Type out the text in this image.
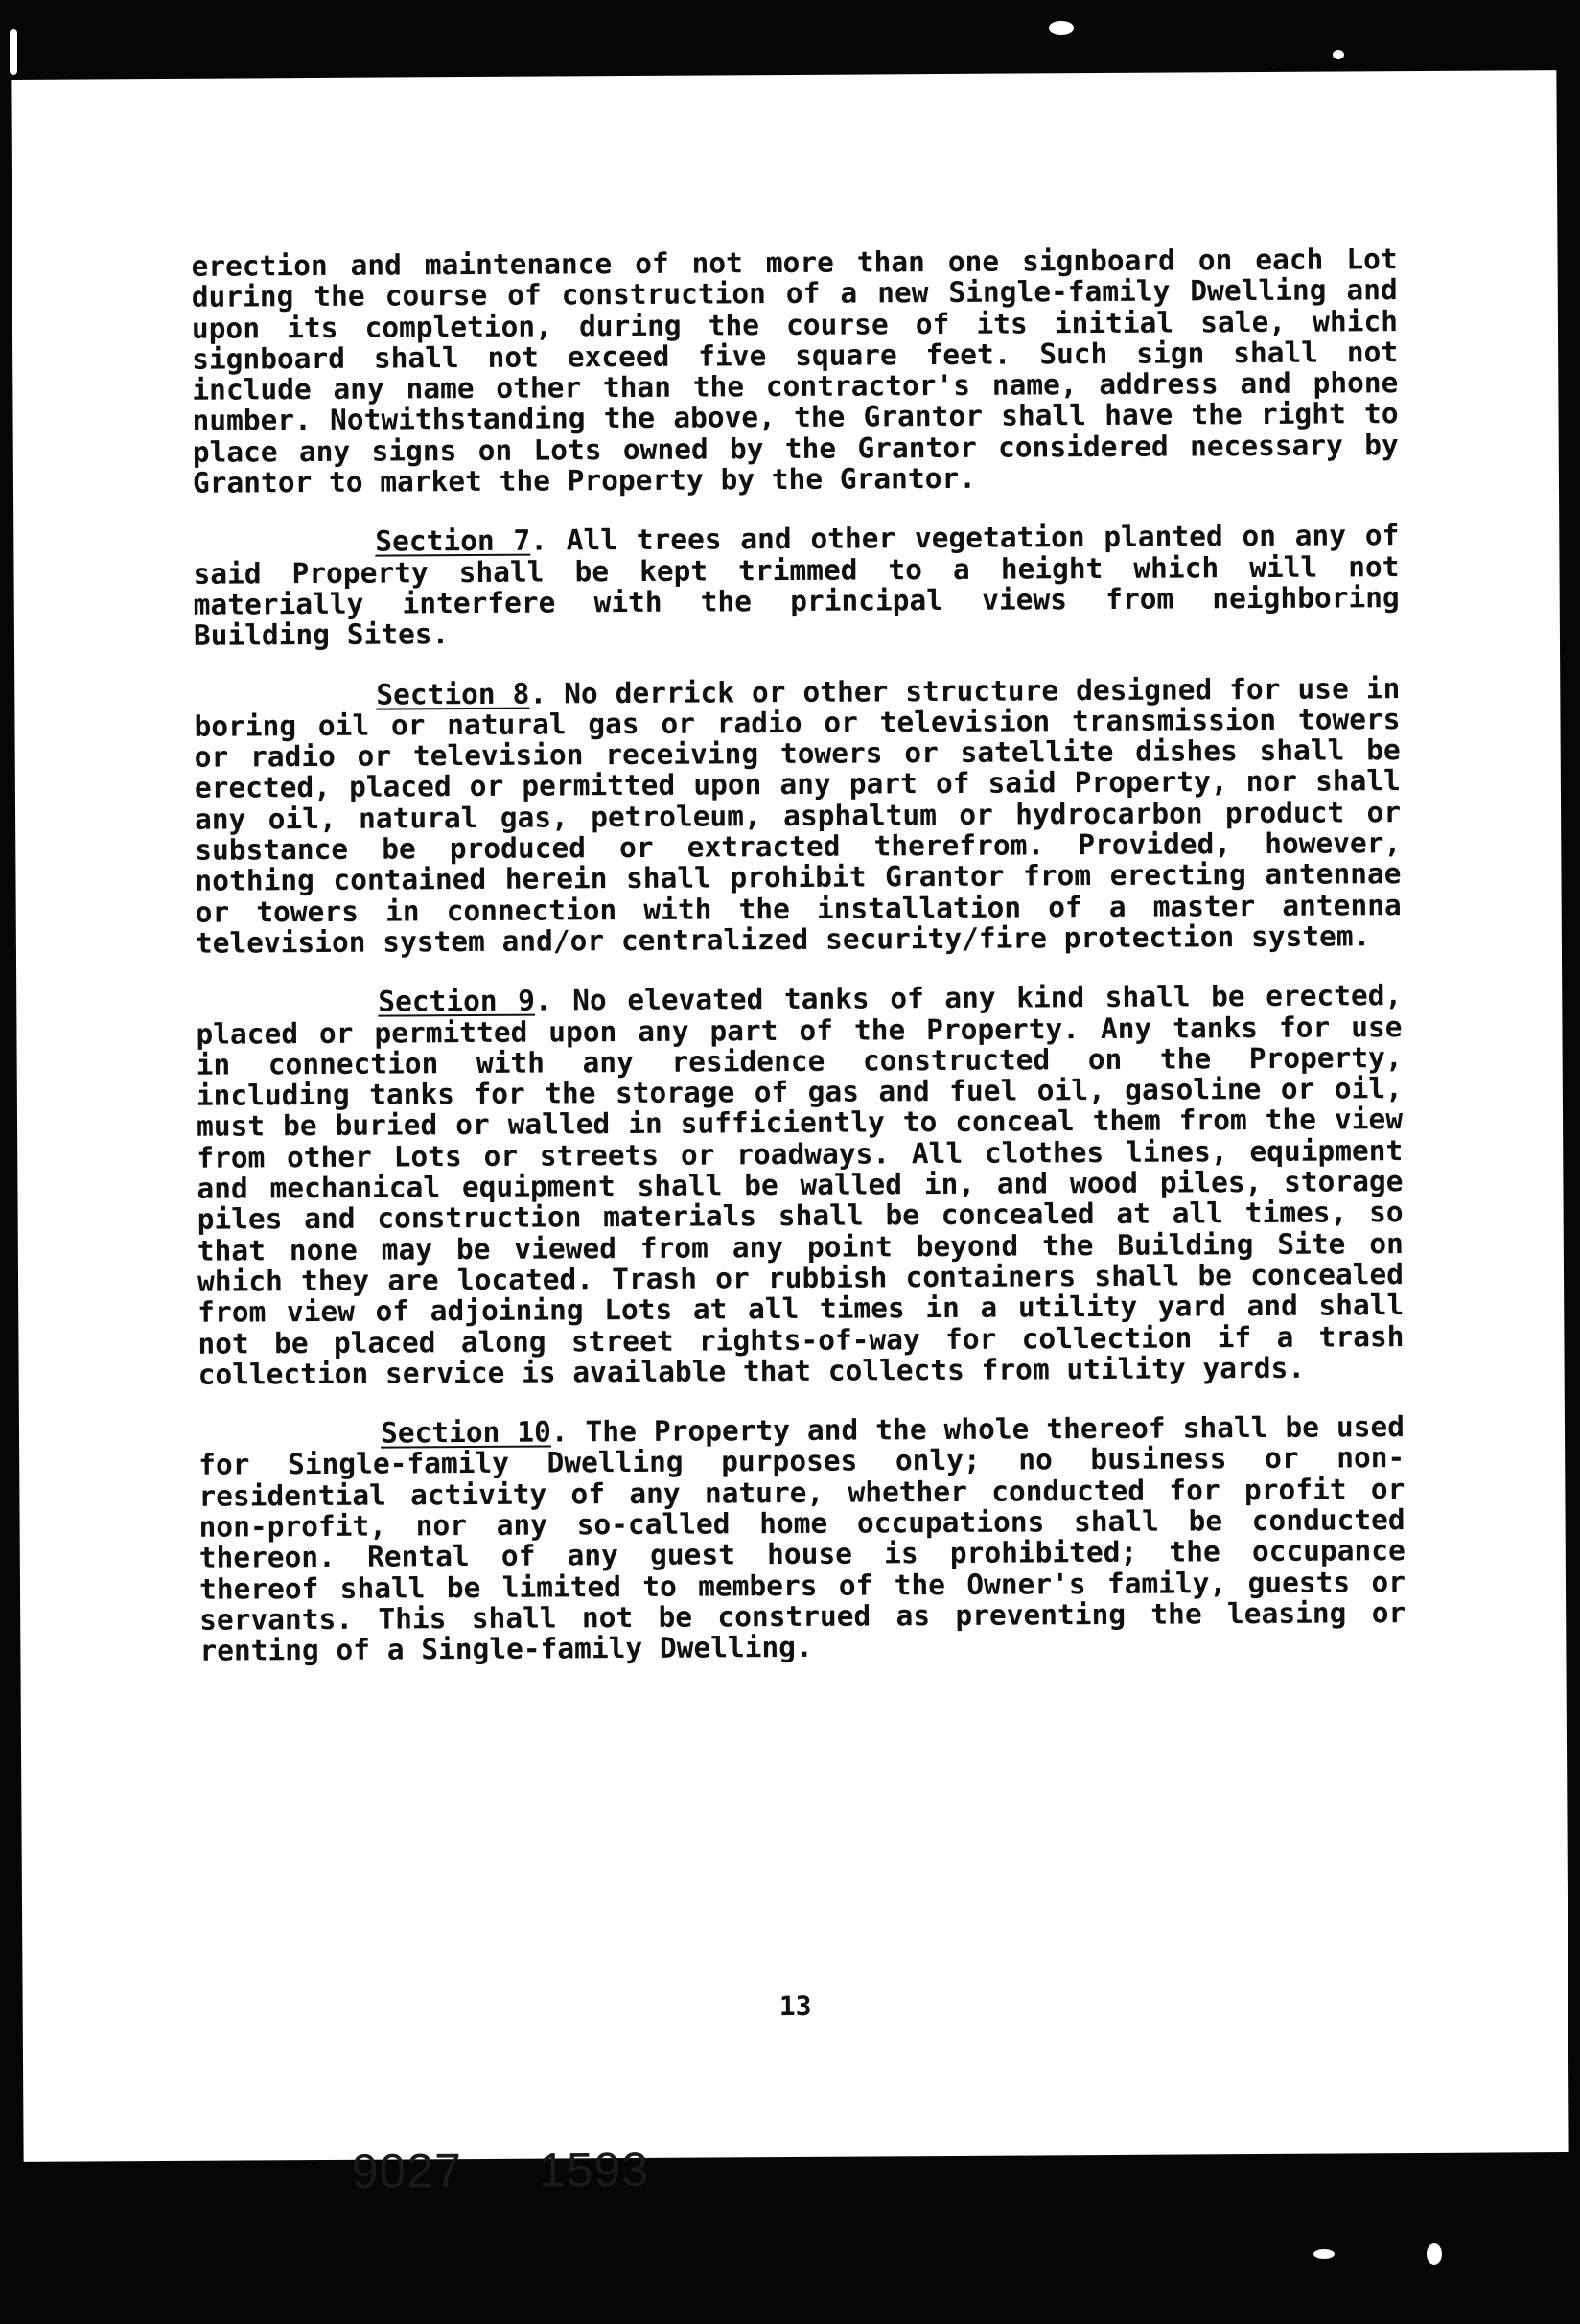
erection and maintenance of not more than one signboard on each Lot during the course of construction of a new Single-family Dwelling and upon its completion, during the course of its initial sale, which signboard shall not exceed five square feet. Such sign shall not include any name other than the contractor's name, address and phone number. Notwithstanding the above, the Grantor shall have the right to place any signs on Lots owned by the Grantor considered necessary by Grantor to market the Property by the Grantor.

Section 7. All trees and other vegetation planted on any of said Property shall be kept trimmed to a height which will not materially interfere with the principal views from neighboring Building Sites.

Section 8. No derrick or other structure designed for use in boring oil or natural gas or radio or television transmission towers or radio or television receiving towers or satellite dishes shall be erected, placed or permitted upon any part of said Property, nor shall any oil, natural gas, petroleum, asphaltum or hydrocarbon product or substance be produced or extracted therefrom. Provided, however, nothing contained herein shall prohibit Grantor from erecting antennae or towers in connection with the installation of a master antenna television system and/or centralized security/fire protection system.

Section 9. No elevated tanks of any kind shall be erected, placed or permitted upon any part of the Property. Any tanks for use in connection with any residence constructed on the Property, including tanks for the storage of gas and fuel oil, gasoline or oil, must be buried or walled in sufficiently to conceal them from the view from other Lots or streets or roadways. All clothes lines, equipment and mechanical equipment shall be walled in, and wood piles, storage piles and construction materials shall be concealed at all times, so that none may be viewed from any point beyond the Building Site on which they are located. Trash or rubbish containers shall be concealed from view of adjoining Lots at all times in a utility yard and shall not be placed along street rights-of-way for collection if a trash collection service is available that collects from utility yards.

Section 10. The Property and the whole thereof shall be used for Single-family Dwelling purposes only; no business or non-residential activity of any nature, whether conducted for profit or non-profit, nor any so-called home occupations shall be conducted thereon. Rental of any guest house is prohibited; the occupance thereof shall be limited to members of the Owner's family, guests or servants. This shall not be construed as preventing the leasing or renting of a Single-family Dwelling.

13
9027 1593
